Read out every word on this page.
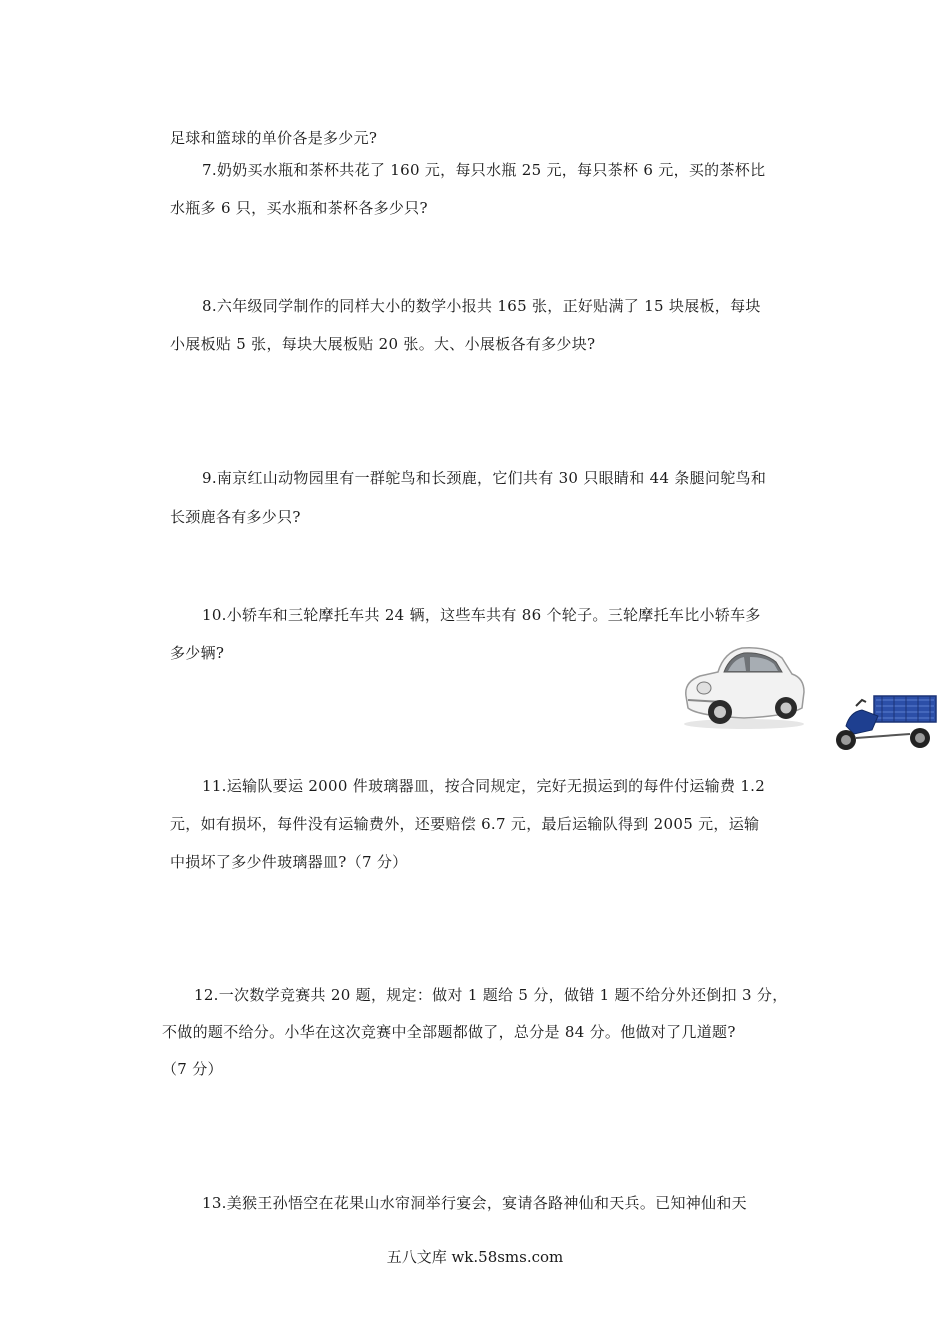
足球和篮球的单价各是多少元?
7.奶奶买水瓶和茶杯共花了 160 元，每只水瓶 25 元，每只茶杯 6 元，买的茶杯比
水瓶多 6 只，买水瓶和茶杯各多少只?
8.六年级同学制作的同样大小的数学小报共 165 张，正好贴满了 15 块展板，每块
小展板贴 5 张，每块大展板贴 20 张。大、小展板各有多少块?
9.南京红山动物园里有一群鸵鸟和长颈鹿，它们共有 30 只眼睛和 44 条腿问鸵鸟和
长颈鹿各有多少只?
10.小轿车和三轮摩托车共 24 辆，这些车共有 86 个轮子。三轮摩托车比小轿车多
多少辆?
11.运输队要运 2000 件玻璃器皿，按合同规定，完好无损运到的每件付运输费 1.2
元，如有损坏，每件没有运输费外，还要赔偿 6.7 元，最后运输队得到 2005 元，运输
中损坏了多少件玻璃器皿?（7 分）
12.一次数学竞赛共 20 题，规定：做对 1 题给 5 分，做错 1 题不给分外还倒扣 3 分，
不做的题不给分。小华在这次竞赛中全部题都做了，总分是 84 分。他做对了几道题?
（7 分）
13.美猴王孙悟空在花果山水帘洞举行宴会，宴请各路神仙和天兵。已知神仙和天
五八文库 wk.58sms.com
